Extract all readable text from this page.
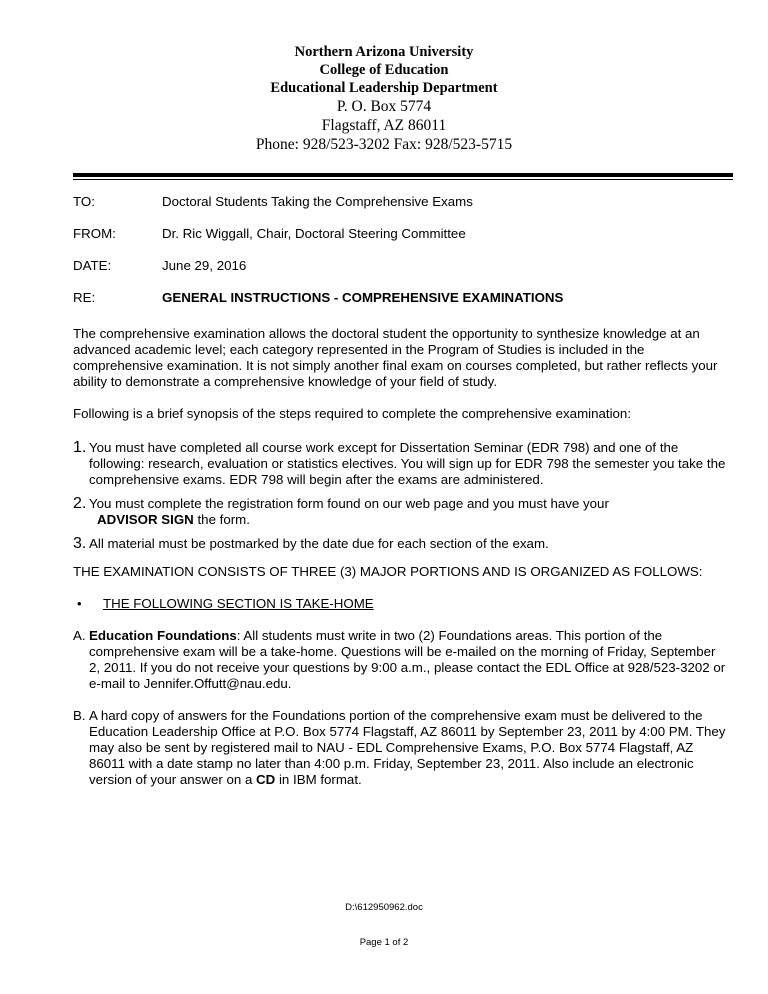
Northern Arizona University
College of Education
Educational Leadership Department
P. O. Box 5774
Flagstaff, AZ 86011
Phone: 928/523-3202 Fax: 928/523-5715
TO:	Doctoral Students Taking the Comprehensive Exams
FROM:	Dr. Ric Wiggall, Chair, Doctoral Steering Committee
DATE:	June 29, 2016
RE:	GENERAL INSTRUCTIONS - COMPREHENSIVE EXAMINATIONS

The comprehensive examination allows the doctoral student the opportunity to synthesize knowledge at an advanced academic level; each category represented in the Program of Studies is included in the comprehensive examination. It is not simply another final exam on courses completed, but rather reflects your ability to demonstrate a comprehensive knowledge of your field of study.

Following is a brief synopsis of the steps required to complete the comprehensive examination:

1. You must have completed all course work except for Dissertation Seminar (EDR 798) and one of the following: research, evaluation or statistics electives. You will sign up for EDR 798 the semester you take the comprehensive exams. EDR 798 will begin after the exams are administered.
2. You must complete the registration form found on our web page and you must have your
ADVISOR SIGN the form.
3. All material must be postmarked by the date due for each section of the exam.

THE EXAMINATION CONSISTS OF THREE (3) MAJOR PORTIONS AND IS ORGANIZED AS FOLLOWS:

•	THE FOLLOWING SECTION IS TAKE-HOME
A. Education Foundations: All students must write in two (2) Foundations areas. This portion of the comprehensive exam will be a take-home. Questions will be e-mailed on the morning of Friday, September 2, 2011. If you do not receive your questions by 9:00 a.m., please contact the EDL Office at 928/523-3202 or e-mail to Jennifer.Offutt@nau.edu.
B. A hard copy of answers for the Foundations portion of the comprehensive exam must be delivered to the Education Leadership Office at P.O. Box 5774 Flagstaff, AZ 86011 by September 23, 2011 by 4:00 PM. They may also be sent by registered mail to NAU - EDL Comprehensive Exams, P.O. Box 5774 Flagstaff, AZ 86011 with a date stamp no later than 4:00 p.m. Friday, September 23, 2011. Also include an electronic version of your answer on a CD in IBM format.
D:\612950962.doc
Page 1 of 2
